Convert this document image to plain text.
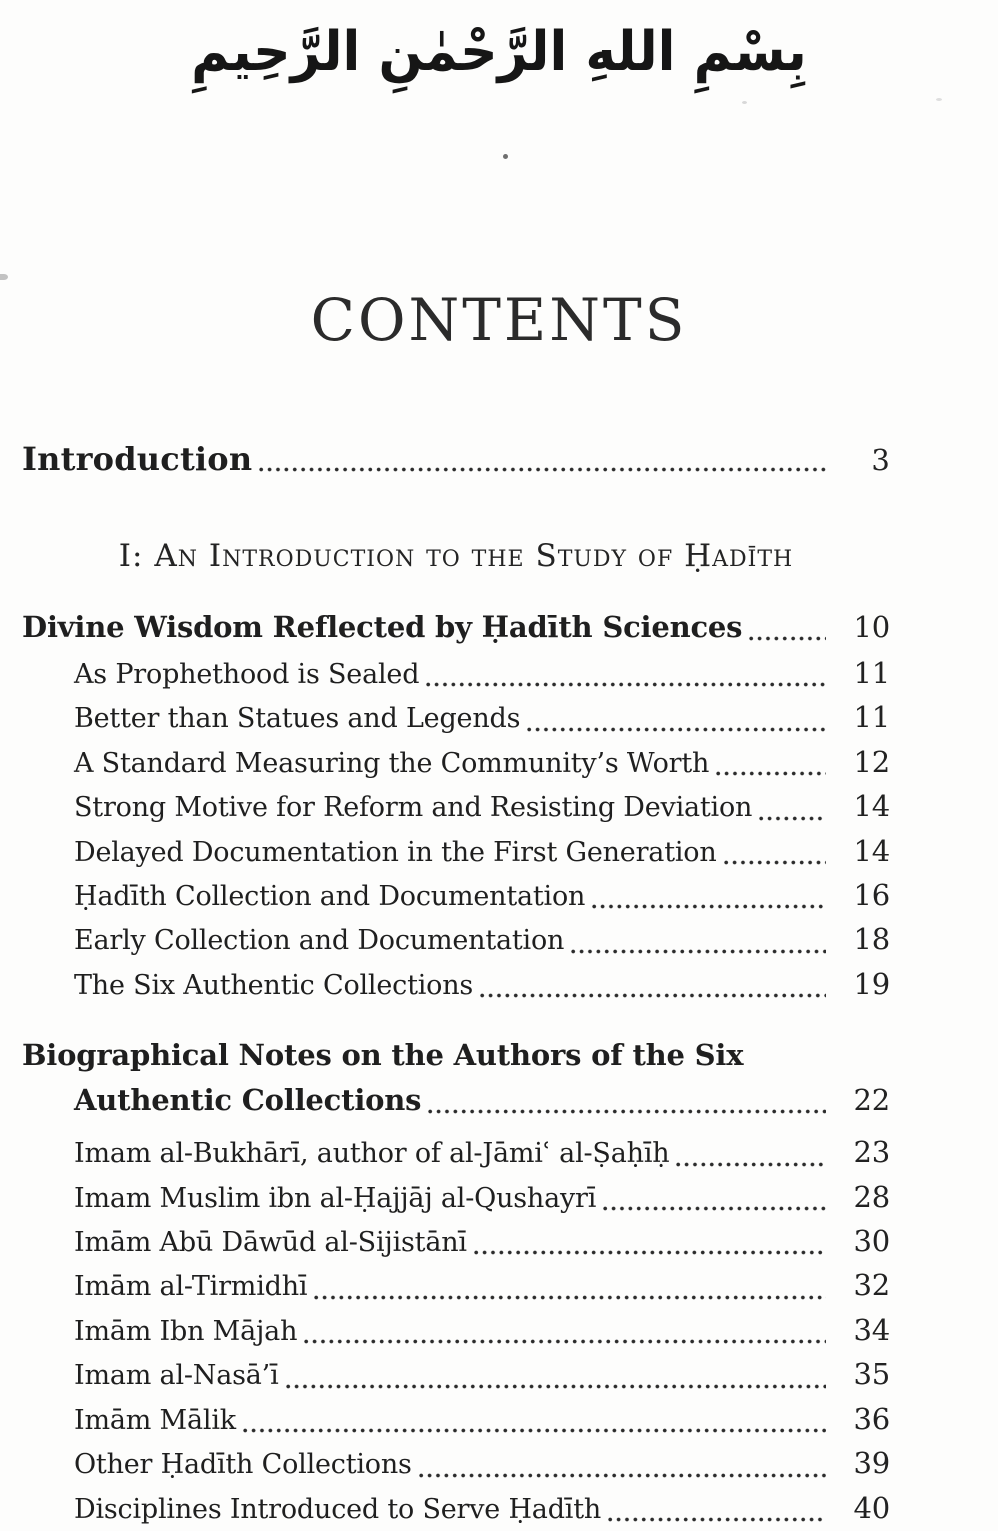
بِسْمِ اللهِ الرَّحْمٰنِ الرَّحِيمِ
CONTENTS
Introduction	3
I: An Introduction to the Study of Ḥadīth
Divine Wisdom Reflected by Ḥadīth Sciences	10
As Prophethood is Sealed	11
Better than Statues and Legends	11
A Standard Measuring the Community’s Worth	12
Strong Motive for Reform and Resisting Deviation	14
Delayed Documentation in the First Generation	14
Ḥadīth Collection and Documentation	16
Early Collection and Documentation	18
The Six Authentic Collections	19
Biographical Notes on the Authors of the Six
Authentic Collections	22
Imam al-Bukhārī, author of al-Jāmiʿ al-Ṣaḥīḥ	23
Imam Muslim ibn al-Ḥajjāj al-Qushayrī	28
Imām Abū Dāwūd al-Sijistānī	30
Imām al-Tirmidhī	32
Imām Ibn Mājah	34
Imam al-Nasā’ī	35
Imām Mālik	36
Other Ḥadīth Collections	39
Disciplines Introduced to Serve Ḥadīth	40
